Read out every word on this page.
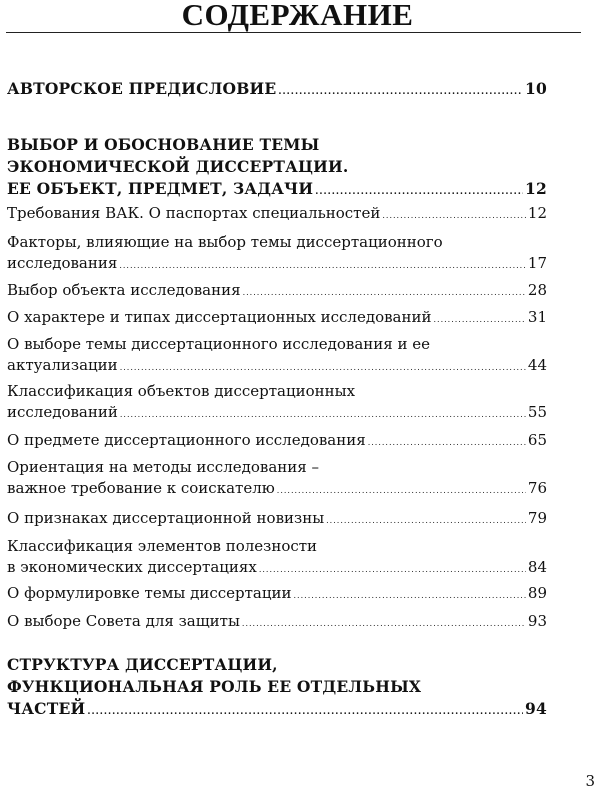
СОДЕРЖАНИЕ
АВТОРСКОЕ ПРЕДИСЛОВИЕ .....	10
ВЫБОР И ОБОСНОВАНИЕ ТЕМЫ
ЭКОНОМИЧЕСКОЙ ДИССЕРТАЦИИ.
ЕЕ ОБЪЕКТ, ПРЕДМЕТ, ЗАДАЧИ .....	12
Требования ВАК. О паспортах специальностей .....	12
Факторы, влияющие на выбор темы диссертационного
исследования .....	17
Выбор объекта исследования .....	28
О характере и типах диссертационных исследований .....	31
О выборе темы диссертационного исследования и ее
актуализации .....	44
Классификация объектов диссертационных
исследований .....	55
О предмете диссертационного исследования .....	65
Ориентация на методы исследования –
важное требование к соискателю .....	76
О признаках диссертационной новизны .....	79
Классификация элементов полезности
в экономических диссертациях .....	84
О формулировке темы диссертации .....	89
О выборе Совета для защиты .....	93
СТРУКТУРА ДИССЕРТАЦИИ,
ФУНКЦИОНАЛЬНАЯ РОЛЬ ЕЕ ОТДЕЛЬНЫХ
ЧАСТЕЙ .....	94
3
